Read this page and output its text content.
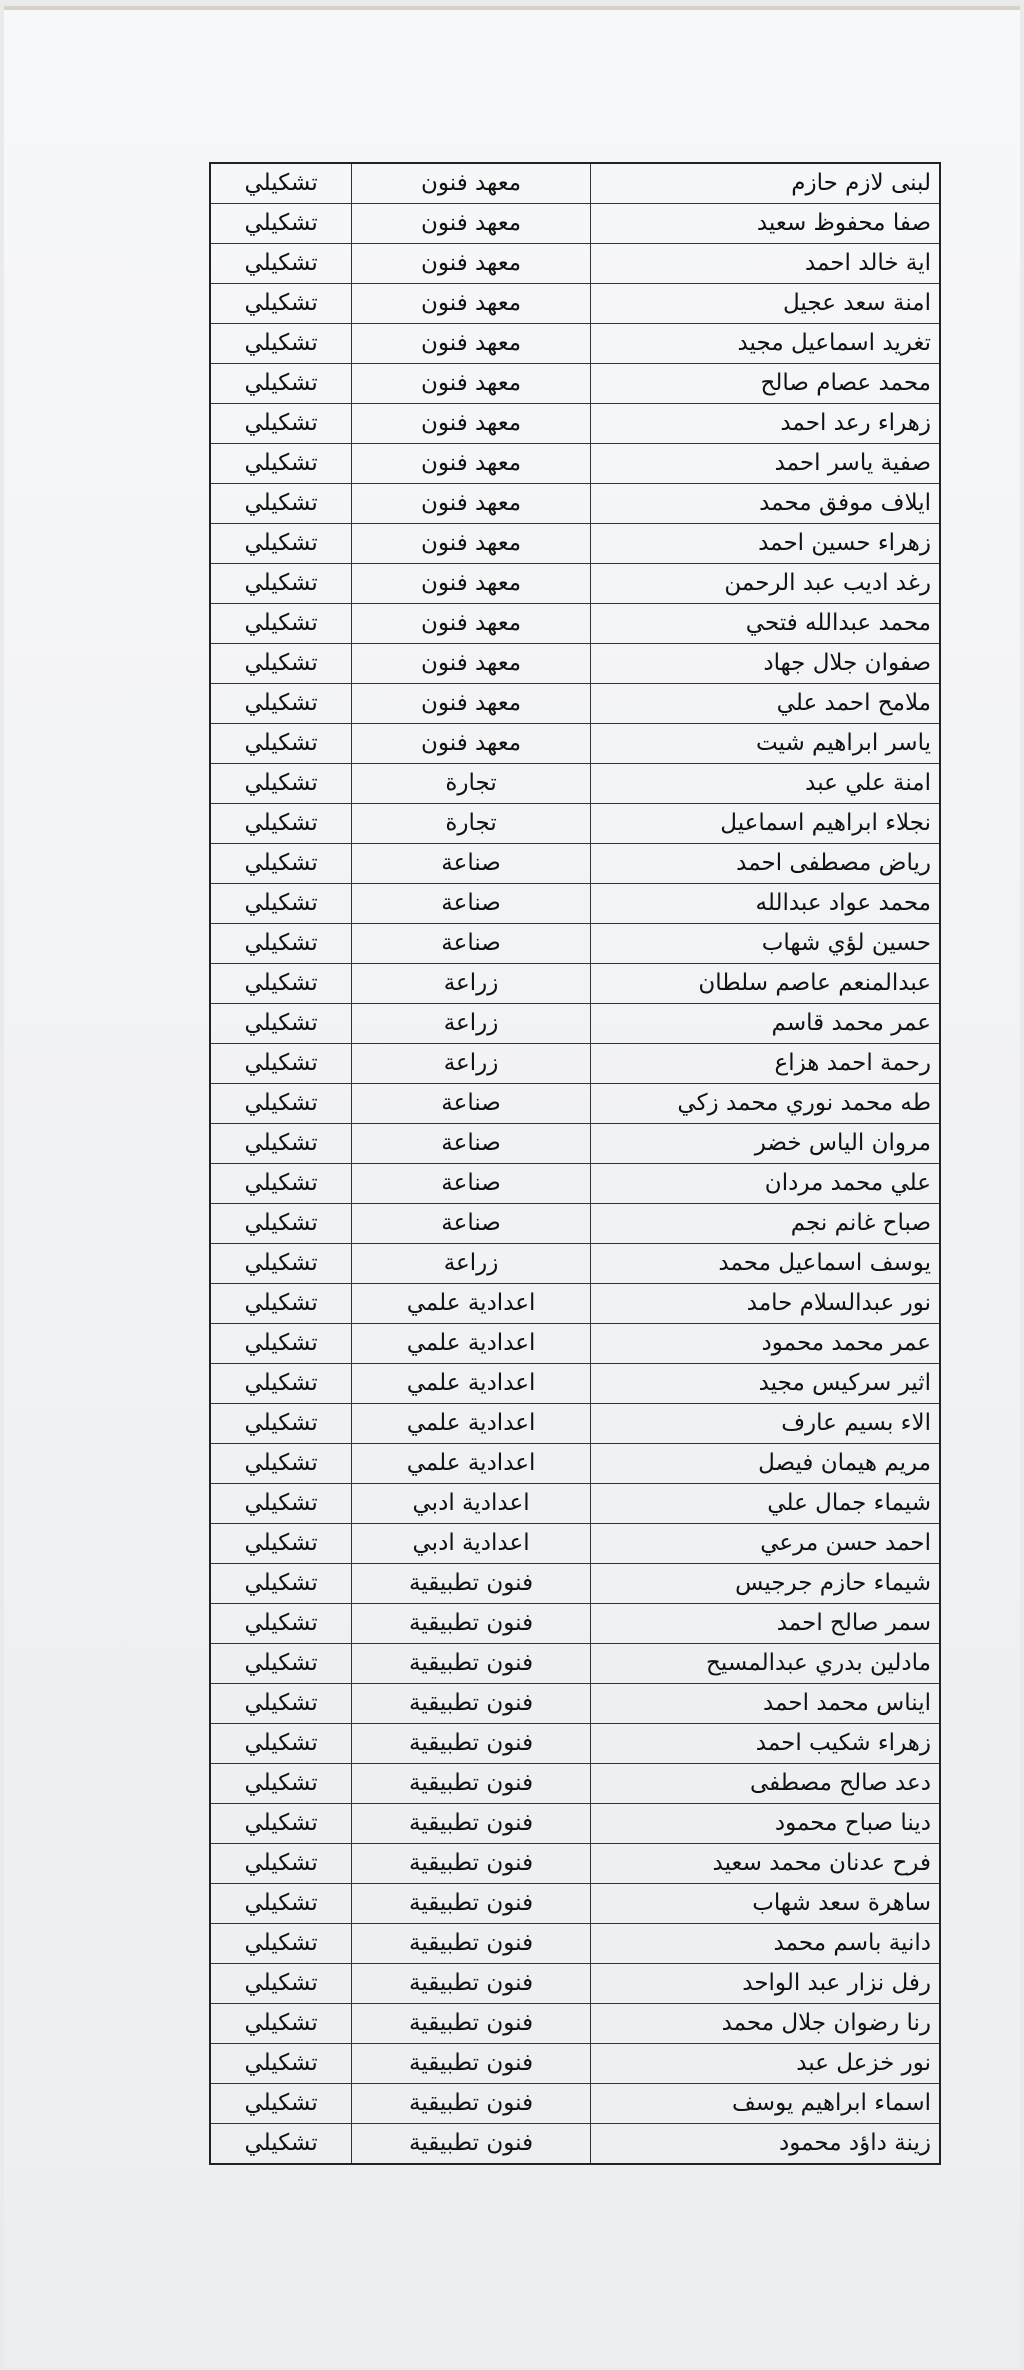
لبنى لازم حازم	معهد فنون	تشكيلي
صفا محفوظ سعيد	معهد فنون	تشكيلي
اية خالد احمد	معهد فنون	تشكيلي
امنة سعد عجيل	معهد فنون	تشكيلي
تغريد اسماعيل مجيد	معهد فنون	تشكيلي
محمد عصام صالح	معهد فنون	تشكيلي
زهراء رعد احمد	معهد فنون	تشكيلي
صفية ياسر احمد	معهد فنون	تشكيلي
ايلاف موفق محمد	معهد فنون	تشكيلي
زهراء حسين احمد	معهد فنون	تشكيلي
رغد اديب عبد الرحمن	معهد فنون	تشكيلي
محمد عبدالله فتحي	معهد فنون	تشكيلي
صفوان جلال جهاد	معهد فنون	تشكيلي
ملامح احمد علي	معهد فنون	تشكيلي
ياسر ابراهيم شيت	معهد فنون	تشكيلي
امنة علي عبد	تجارة	تشكيلي
نجلاء ابراهيم اسماعيل	تجارة	تشكيلي
رياض مصطفى احمد	صناعة	تشكيلي
محمد عواد عبدالله	صناعة	تشكيلي
حسين لؤي شهاب	صناعة	تشكيلي
عبدالمنعم عاصم سلطان	زراعة	تشكيلي
عمر محمد قاسم	زراعة	تشكيلي
رحمة احمد هزاع	زراعة	تشكيلي
طه محمد نوري محمد زكي	صناعة	تشكيلي
مروان الياس خضر	صناعة	تشكيلي
علي محمد مردان	صناعة	تشكيلي
صباح غانم نجم	صناعة	تشكيلي
يوسف اسماعيل محمد	زراعة	تشكيلي
نور عبدالسلام حامد	اعدادية علمي	تشكيلي
عمر محمد محمود	اعدادية علمي	تشكيلي
اثير سركيس مجيد	اعدادية علمي	تشكيلي
الاء بسيم عارف	اعدادية علمي	تشكيلي
مريم هيمان فيصل	اعدادية علمي	تشكيلي
شيماء جمال علي	اعدادية ادبي	تشكيلي
احمد حسن مرعي	اعدادية ادبي	تشكيلي
شيماء حازم جرجيس	فنون تطبيقية	تشكيلي
سمر صالح احمد	فنون تطبيقية	تشكيلي
مادلين بدري عبدالمسيح	فنون تطبيقية	تشكيلي
ايناس محمد احمد	فنون تطبيقية	تشكيلي
زهراء شكيب احمد	فنون تطبيقية	تشكيلي
دعد صالح مصطفى	فنون تطبيقية	تشكيلي
دينا صباح محمود	فنون تطبيقية	تشكيلي
فرح عدنان محمد سعيد	فنون تطبيقية	تشكيلي
ساهرة سعد شهاب	فنون تطبيقية	تشكيلي
دانية باسم محمد	فنون تطبيقية	تشكيلي
رفل نزار عبد الواحد	فنون تطبيقية	تشكيلي
رنا رضوان جلال محمد	فنون تطبيقية	تشكيلي
نور خزعل عبد	فنون تطبيقية	تشكيلي
اسماء ابراهيم يوسف	فنون تطبيقية	تشكيلي
زينة داؤد محمود	فنون تطبيقية	تشكيلي
